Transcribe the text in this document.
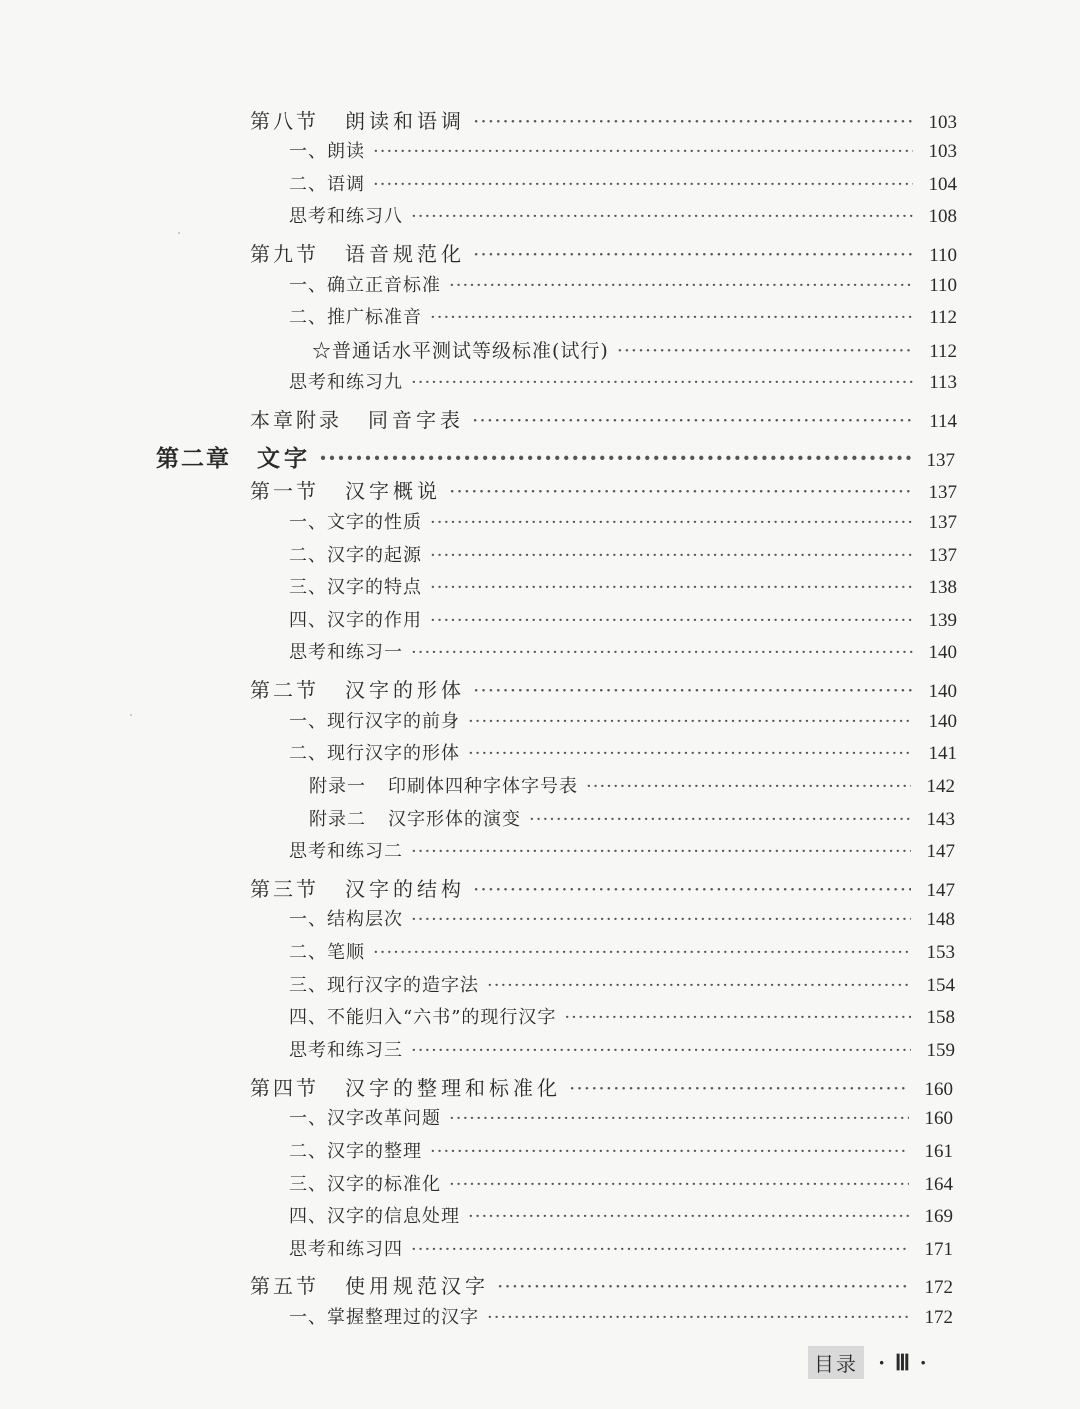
第八节 朗读和语调 ·····	103
一、朗读 ·····	103
二、语调 ·····	104
思考和练习八 ·····	108
第九节 语音规范化 ·····	110
一、确立正音标准 ·····	110
二、推广标准音 ·····	112
☆普通话水平测试等级标准(试行) ·····	112
思考和练习九 ·····	113
本章附录 同音字表 ·····	114
第二章 文字 ·····	137
第一节 汉字概说 ·····	137
一、文字的性质 ·····	137
二、汉字的起源 ·····	137
三、汉字的特点 ·····	138
四、汉字的作用 ·····	139
思考和练习一 ·····	140
第二节 汉字的形体 ·····	140
一、现行汉字的前身 ·····	140
二、现行汉字的形体 ·····	141
附录一 印刷体四种字体字号表 ·····	142
附录二 汉字形体的演变 ·····	143
思考和练习二 ·····	147
第三节 汉字的结构 ·····	147
一、结构层次 ·····	148
二、笔顺 ·····	153
三、现行汉字的造字法 ·····	154
四、不能归入“六书”的现行汉字 ·····	158
思考和练习三 ·····	159
第四节 汉字的整理和标准化 ·····	160
一、汉字改革问题 ·····	160
二、汉字的整理 ·····	161
三、汉字的标准化 ·····	164
四、汉字的信息处理 ·····	169
思考和练习四 ·····	171
第五节 使用规范汉字 ·····	172
一、掌握整理过的汉字 ·····	172
目录 · Ⅲ ·
